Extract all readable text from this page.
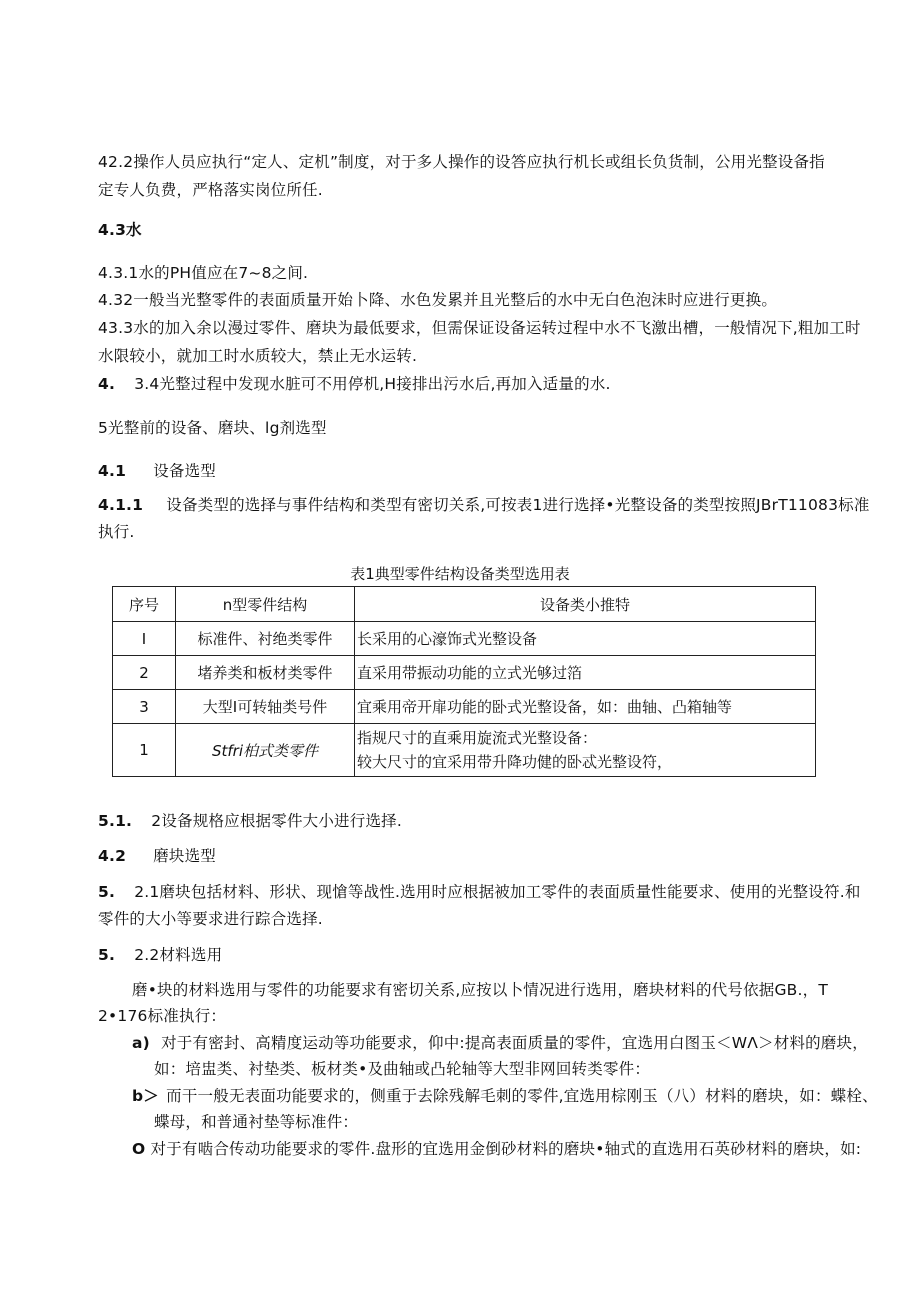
42.2操作人员应执行“定人、定机”制度，对于多人操作的设答应执行机长或组长负货制，公用光整设备指
定专人负费，严格落实岗位所任.
4.3水
4.3.1水的PH值应在7~8之间.
4.32一般当光整零件的表面质量开始卜降、水色发累并且光整后的水中无白色泡沫时应进行更换。
43.3水的加入余以漫过零件、磨块为最低要求，但需保证设备运转过程中水不飞激出槽，一般情况下,粗加工时
水限较小，就加工时水质较大，禁止无水运转.
4. 3.4光整过程中发现水脏可不用停机,H接排出污水后,再加入适量的水.
5光整前的设备、磨块、lg剂选型
4.1 设备选型
4.1.1 设备类型的选择与事件结构和类型有密切关系,可按表1进行选择•光整设备的类型按照JBrT11083标准
执行.
表1典型零件结构设备类型选用表
序号	n型零件结构	设备类小推特
I	标准件、衬绝类零件	长采用的心濠饰式光整设备
2	堵养类和板材类零件	直采用带振动功能的立式光够过箔
3	大型I可转轴类号件	宜乘用帝开扉功能的卧式光整设备，如：曲轴、凸箱轴等
1	Stfri柏式类零件	指规尺寸的直乘用旋流式光整设备：
较大尺寸的宜采用带升降功健的卧忒光整设符，
5.1. 2设备规格应根据零件大小进行选择.
4.2 磨块选型
5. 2.1磨块包括材料、形状、现愴等战性.选用时应根据被加工零件的表面质量性能要求、使用的光整设符.和
零件的大小等要求进行踪合选择.
5. 2.2材料选用
磨•块的材料选用与零件的功能要求有密切关系,应按以卜情况进行选用，磨块材料的代号依据GB.，T
2•176标准执行：
a) 对于有密封、高精度运动等功能要求，仰中:提高表面质量的零件，宜选用白图玉＜WΛ＞材料的磨块，
如：培盅类、衬垫类、板材类•及曲轴或凸轮轴等大型非网回转类零件：
b＞ 而干一般无表面功能要求的，侧重于去除残解毛刺的零件,宜选用棕刚玉（八）材料的磨块，如：蝶栓、
蝶母，和普通衬垫等标准件：
O 对于有啮合传动功能要求的零件.盘形的宜选用金倒砂材料的磨块•轴式的直选用石英砂材料的磨块，如:
